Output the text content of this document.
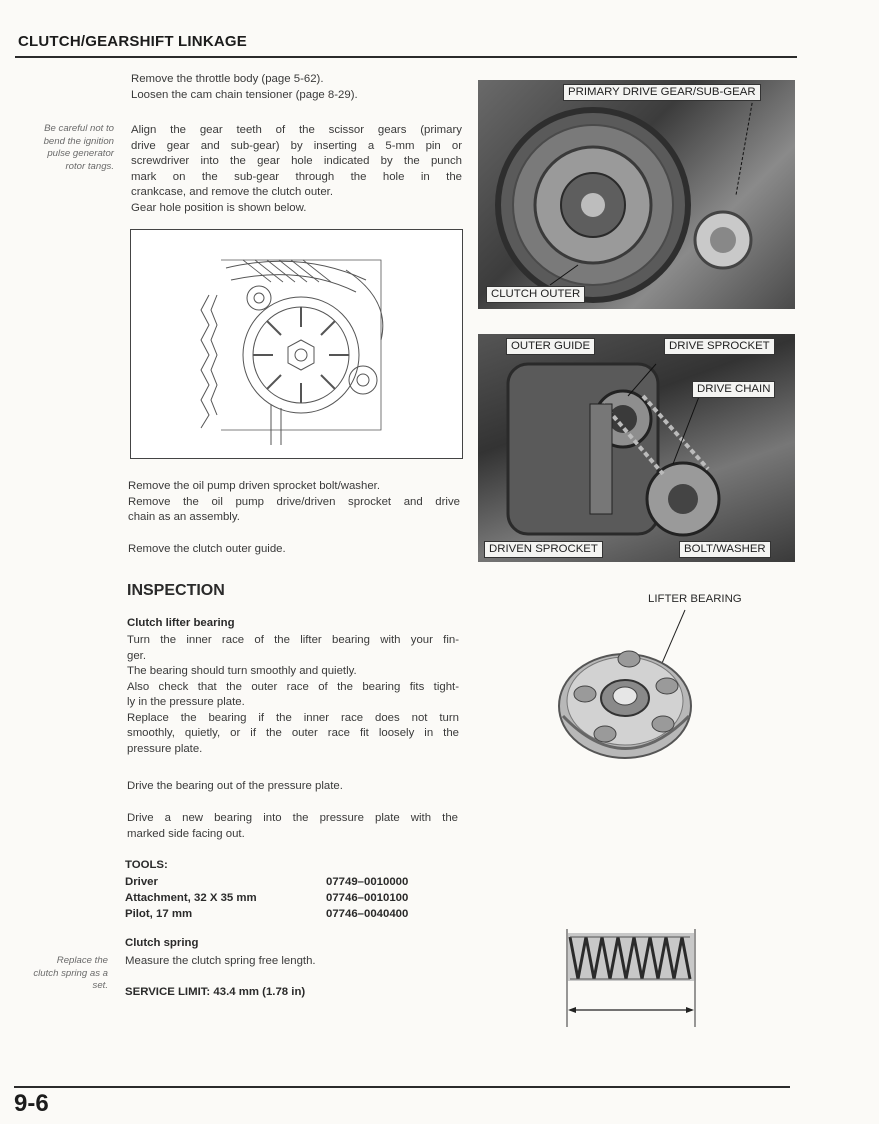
CLUTCH/GEARSHIFT LINKAGE
Remove the throttle body (page 5-62).
Loosen the cam chain tensioner (page 8-29).
Be careful not to
bend the ignition
pulse generator
rotor tangs.
Align the gear teeth of the scissor gears (primary
drive gear and sub-gear) by inserting a 5-mm pin or
screwdriver into the gear hole indicated by the punch
mark on the sub-gear through the hole in the
crankcase, and remove the clutch outer.
Gear hole position is shown below.
Remove the oil pump driven sprocket bolt/washer.
Remove the oil pump drive/driven sprocket and drive
chain as an assembly.
Remove the clutch outer guide.
PRIMARY DRIVE GEAR/SUB-GEAR
CLUTCH OUTER
OUTER GUIDE	DRIVE SPROCKET
DRIVE CHAIN
DRIVEN SPROCKET	BOLT/WASHER
INSPECTION
Clutch lifter bearing
Turn the inner race of the lifter bearing with your fin-
ger.
The bearing should turn smoothly and quietly.
Also check that the outer race of the bearing fits tight-
ly in the pressure plate.
Replace the bearing if the inner race does not turn
smoothly, quietly, or if the outer race fit loosely in the
pressure plate.
Drive the bearing out of the pressure plate.
Drive a new bearing into the pressure plate with the
marked side facing out.
LIFTER BEARING
TOOLS:
Driver	07749–0010000
Attachment, 32 X 35 mm	07746–0010100
Pilot, 17 mm	07746–0040400
Clutch spring
Measure the clutch spring free length.
SERVICE LIMIT: 43.4 mm (1.78 in)
Replace the
clutch spring as a
set.
9-6
